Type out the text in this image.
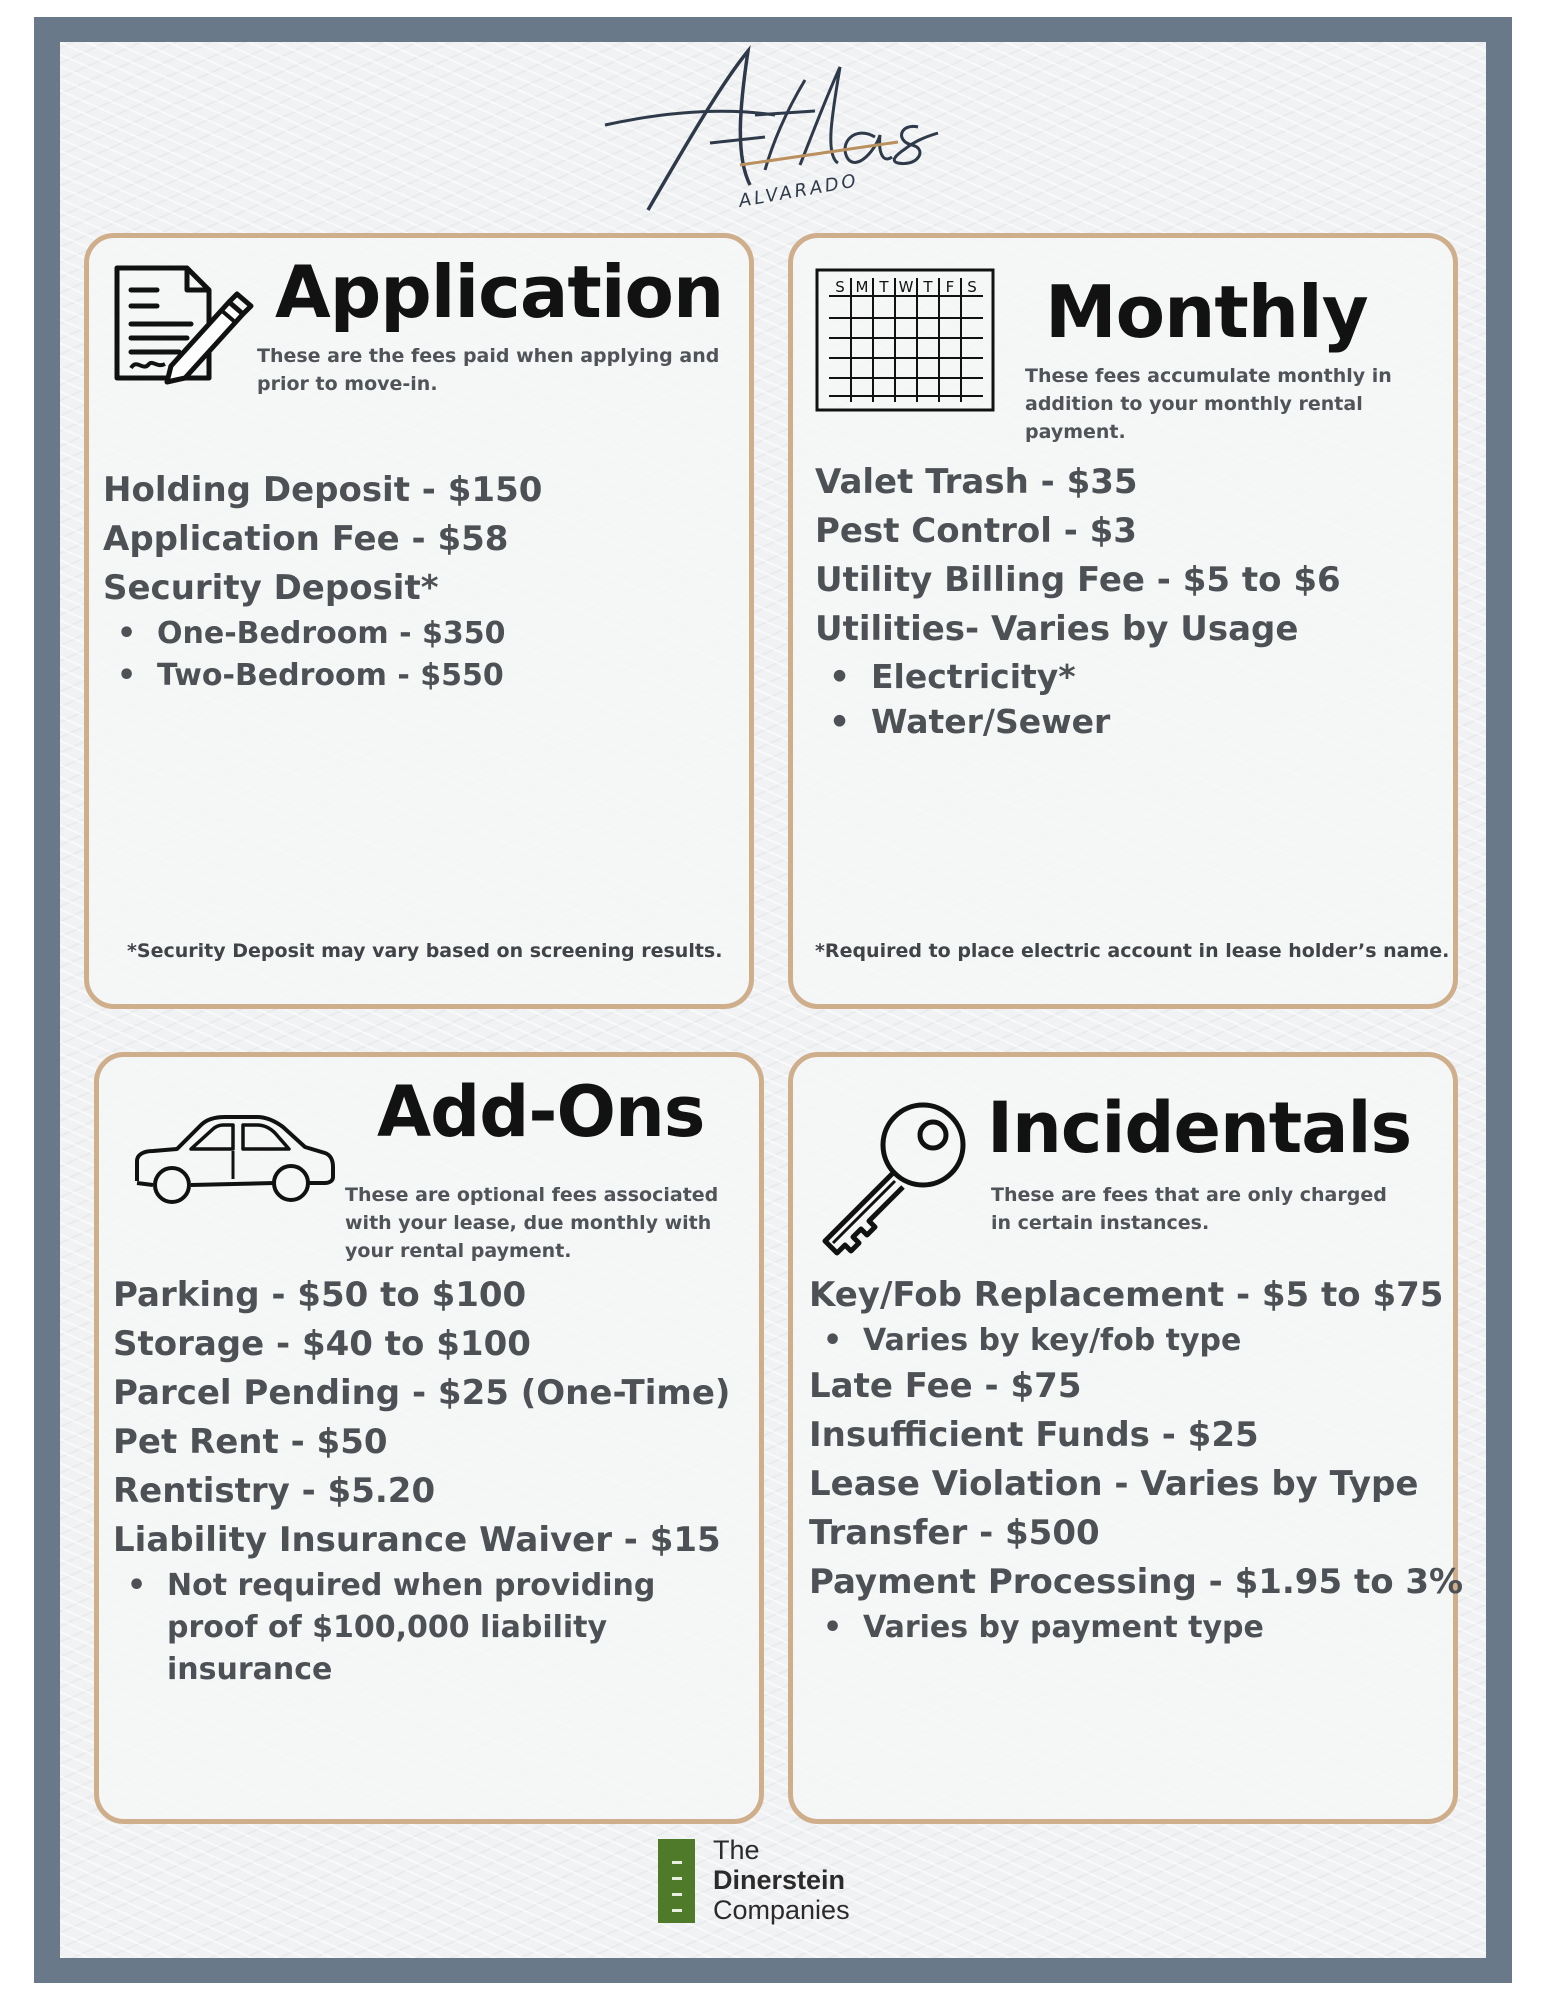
ALVARADO
Application

These are the fees paid when applying and prior to move-in.

Holding Deposit - $150
Application Fee - $58
Security Deposit*
• One-Bedroom - $350
• Two-Bedroom - $550

*Security Deposit may vary based on screening results.

S M T W T F S Monthly

These fees accumulate monthly in addition to your monthly rental payment.

Valet Trash - $35
Pest Control - $3
Utility Billing Fee - $5 to $6
Utilities- Varies by Usage
• Electricity*
• Water/Sewer

*Required to place electric account in lease holder’s name.

Add-Ons

These are optional fees associated with your lease, due monthly with your rental payment.

Parking - $50 to $100
Storage - $40 to $100
Parcel Pending - $25 (One-Time)
Pet Rent - $50
Rentistry - $5.20
Liability Insurance Waiver - $15
• Not required when providing proof of $100,000 liability insurance
Incidentals

These are fees that are only charged in certain instances.

Key/Fob Replacement - $5 to $75
• Varies by key/fob type
Late Fee - $75
Insufficient Funds - $25
Lease Violation - Varies by Type
Transfer - $500
Payment Processing - $1.95 to 3%
• Varies by payment type
The
Dinerstein
Companies
